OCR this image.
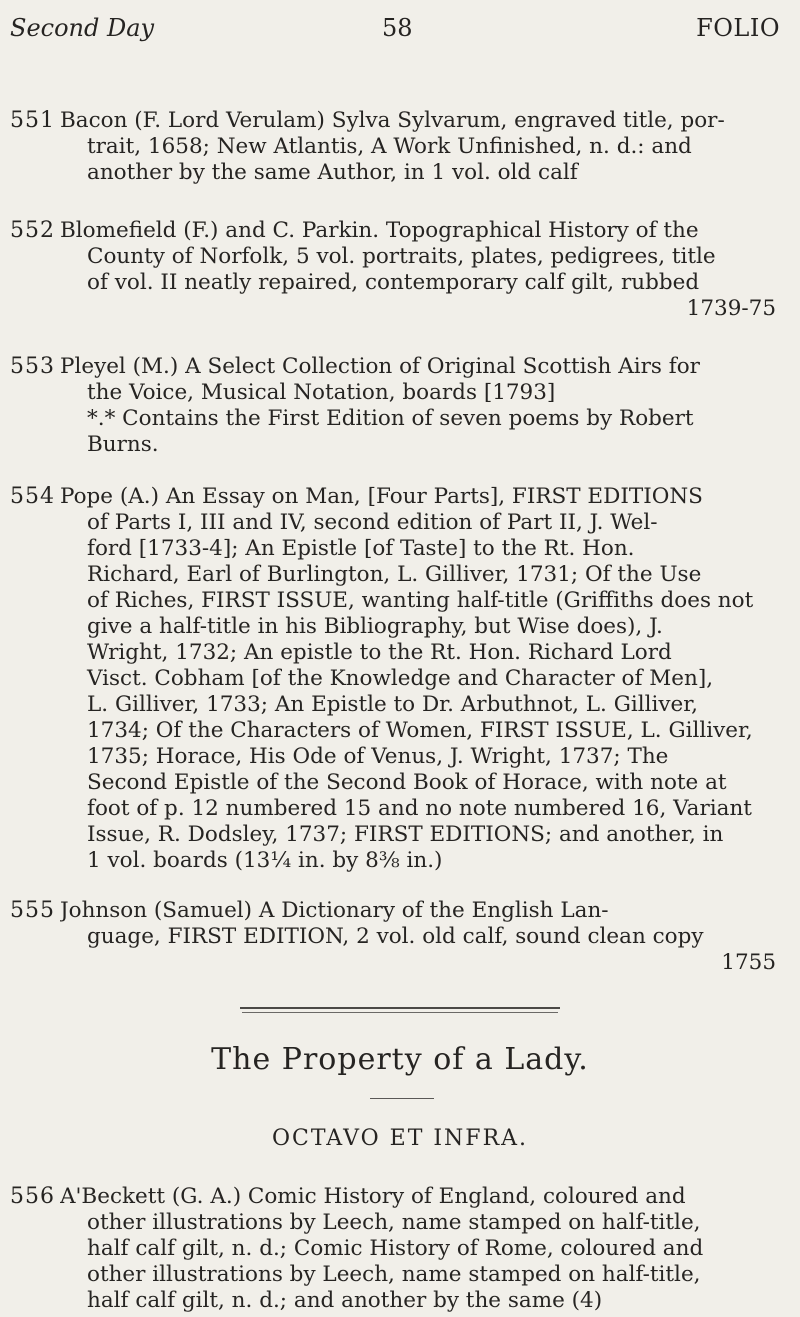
Second Day	58	FOLIO
551 Bacon (F. Lord Verulam) Sylva Sylvarum, engraved title, por-
trait, 1658; New Atlantis, A Work Unfinished, n. d.: and
another by the same Author, in 1 vol. old calf
552 Blomefield (F.) and C. Parkin. Topographical History of the
County of Norfolk, 5 vol. portraits, plates, pedigrees, title
of vol. II neatly repaired, contemporary calf gilt, rubbed
1739-75
553 Pleyel (M.) A Select Collection of Original Scottish Airs for
the Voice, Musical Notation, boards [1793]
*.* Contains the First Edition of seven poems by Robert
Burns.
554 Pope (A.) An Essay on Man, [Four Parts], FIRST EDITIONS
of Parts I, III and IV, second edition of Part II, J. Wel-
ford [1733-4]; An Epistle [of Taste] to the Rt. Hon.
Richard, Earl of Burlington, L. Gilliver, 1731; Of the Use
of Riches, FIRST ISSUE, wanting half-title (Griffiths does not
give a half-title in his Bibliography, but Wise does), J.
Wright, 1732; An epistle to the Rt. Hon. Richard Lord
Visct. Cobham [of the Knowledge and Character of Men],
L. Gilliver, 1733; An Epistle to Dr. Arbuthnot, L. Gilliver,
1734; Of the Characters of Women, FIRST ISSUE, L. Gilliver,
1735; Horace, His Ode of Venus, J. Wright, 1737; The
Second Epistle of the Second Book of Horace, with note at
foot of p. 12 numbered 15 and no note numbered 16, Variant
Issue, R. Dodsley, 1737; FIRST EDITIONS; and another, in
1 vol. boards (13¼ in. by 8⅜ in.)
555 Johnson (Samuel) A Dictionary of the English Lan-
guage, FIRST EDITION, 2 vol. old calf, sound clean copy
1755
The Property of a Lady.
OCTAVO ET INFRA.
556 A'Beckett (G. A.) Comic History of England, coloured and
other illustrations by Leech, name stamped on half-title,
half calf gilt, n. d.; Comic History of Rome, coloured and
other illustrations by Leech, name stamped on half-title,
half calf gilt, n. d.; and another by the same (4)
